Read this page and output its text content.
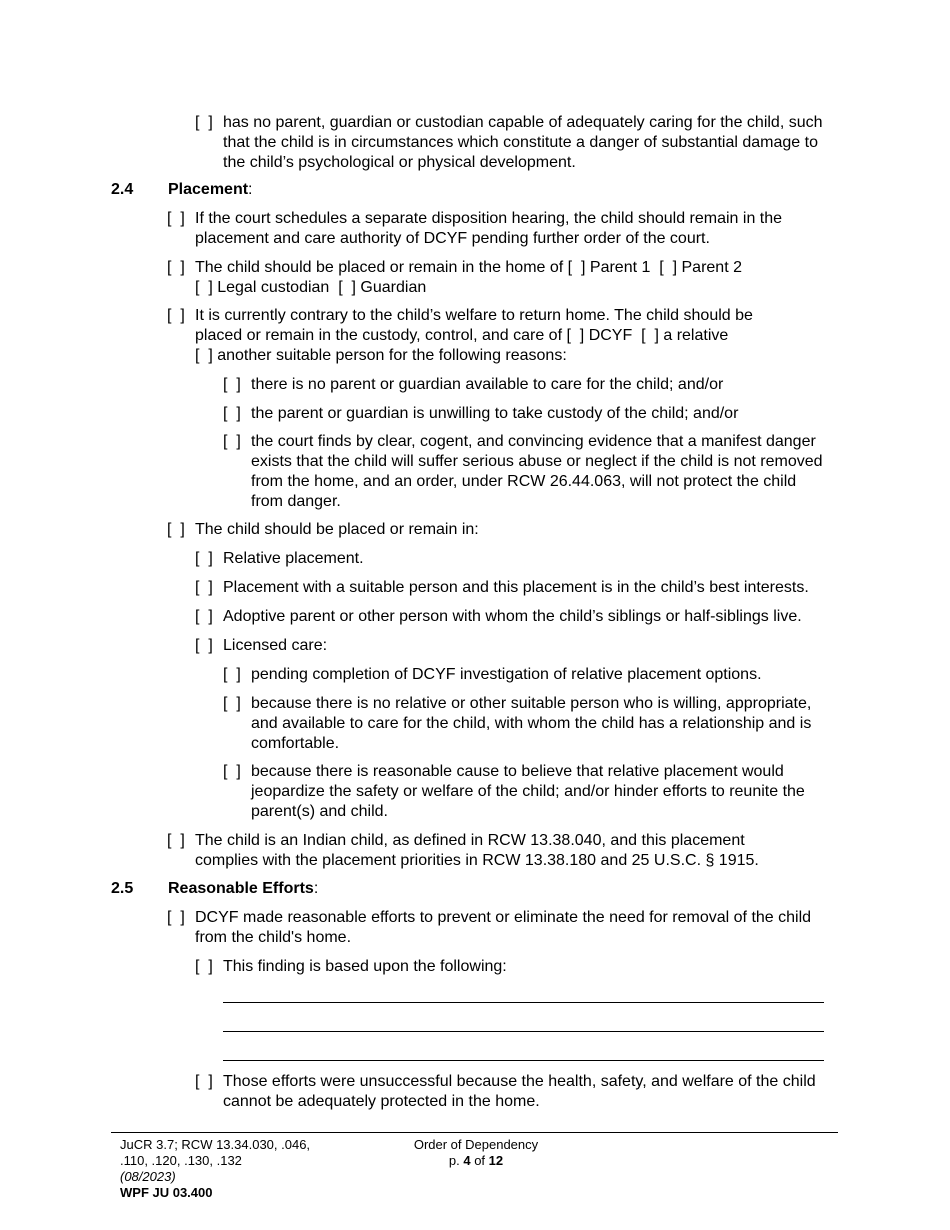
[  ] has no parent, guardian or custodian capable of adequately caring for the child, such that the child is in circumstances which constitute a danger of substantial damage to the child’s psychological or physical development.
2.4 Placement:
[  ] If the court schedules a separate disposition hearing, the child should remain in the placement and care authority of DCYF pending further order of the court.
[  ] The child should be placed or remain in the home of [  ] Parent 1  [  ] Parent 2
[  ] Legal custodian  [  ] Guardian
[  ] It is currently contrary to the child’s welfare to return home. The child should be
placed or remain in the custody, control, and care of [  ] DCYF  [  ] a relative
[  ] another suitable person for the following reasons:
[  ] there is no parent or guardian available to care for the child; and/or
[  ] the parent or guardian is unwilling to take custody of the child; and/or
[  ] the court finds by clear, cogent, and convincing evidence that a manifest danger exists that the child will suffer serious abuse or neglect if the child is not removed from the home, and an order, under RCW 26.44.063, will not protect the child from danger.
[  ] The child should be placed or remain in:
[  ] Relative placement.
[  ] Placement with a suitable person and this placement is in the child’s best interests.
[  ] Adoptive parent or other person with whom the child’s siblings or half-siblings live.
[  ] Licensed care:
[  ] pending completion of DCYF investigation of relative placement options.
[  ] because there is no relative or other suitable person who is willing, appropriate, and available to care for the child, with whom the child has a relationship and is comfortable.
[  ] because there is reasonable cause to believe that relative placement would jeopardize the safety or welfare of the child; and/or hinder efforts to reunite the parent(s) and child.
[  ] The child is an Indian child, as defined in RCW 13.38.040, and this placement complies with the placement priorities in RCW 13.38.180 and 25 U.S.C. § 1915.
2.5 Reasonable Efforts:
[  ] DCYF made reasonable efforts to prevent or eliminate the need for removal of the child from the child's home.
[  ] This finding is based upon the following:
[  ] Those efforts were unsuccessful because the health, safety, and welfare of the child cannot be adequately protected in the home.
JuCR 3.7; RCW 13.34.030, .046,
.110, .120, .130, .132
(08/2023)
WPF JU 03.400
Order of Dependency
p. 4 of 12
